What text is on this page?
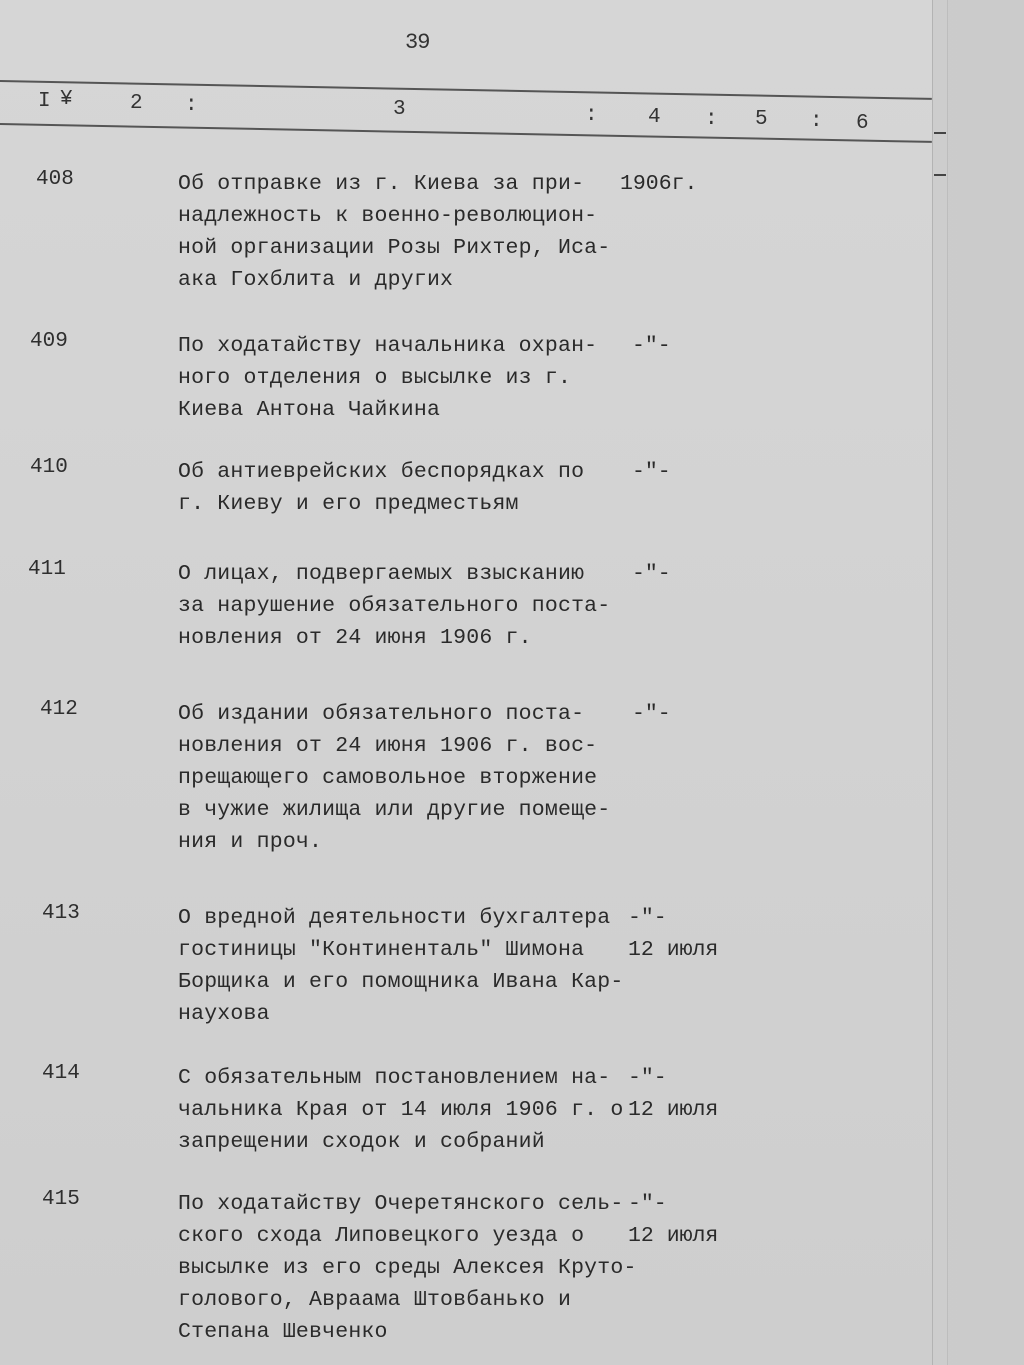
39
I ¥	2 :	3	: 4 : 5 : 6
408	Об отправке из г. Киева за при-
надлежность к военно-революцион-
ной организации Розы Рихтер, Иса-
ака Гохблита и других
1906г.
409	По ходатайству начальника охран-
ного отделения о высылке из г.
Киева Антона Чайкина
-"-
410	Об антиеврейских беспорядках по
г. Киеву и его предместьям
-"-
411	О лицах, подвергаемых взысканию
за нарушение обязательного поста-
новления от 24 июня 1906 г.
-"-
412	Об издании обязательного поста-
новления от 24 июня 1906 г. вос-
прещающего самовольное вторжение
в чужие жилища или другие помеще-
ния и проч.
-"-
413	О вредной деятельности бухгалтера
гостиницы "Континенталь" Шимона
Борщика и его помощника Ивана Кар-
наухова
-"-
12 июля
414	С обязательным постановлением на-
чальника Края от 14 июля 1906 г. о
запрещении сходок и собраний
-"-
12 июля
415	По ходатайству Очеретянского сель-
ского схода Липовецкого уезда о
высылке из его среды Алексея Круто-
голового, Авраама Штовбанько и
Степана Шевченко
-"-
12 июля
